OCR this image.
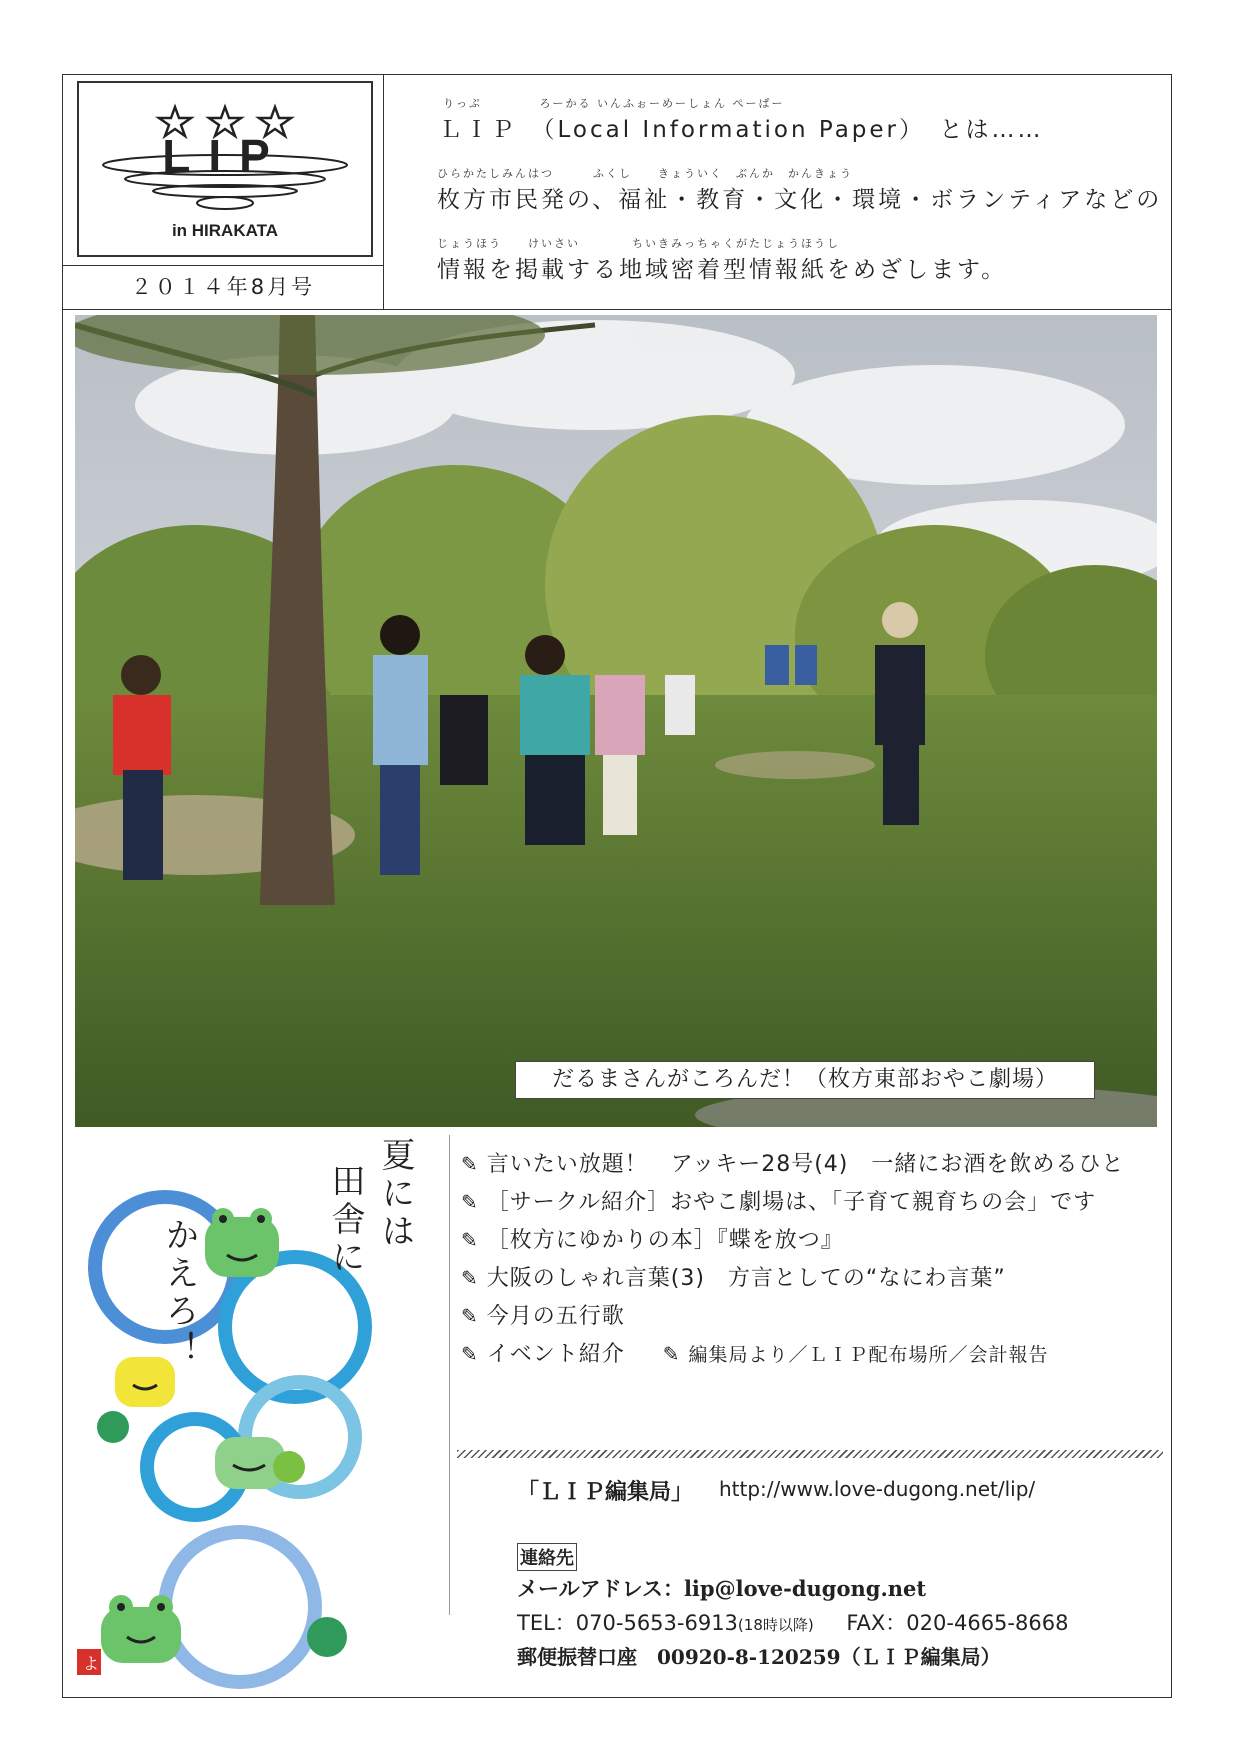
LIP
in HIRAKATA
２０１４年8月号
りっぷ　　　　 ろーかる いんふぉーめーしょん ぺーぱー
ＬＩＰ　（Local Information Paper）　とは……
ひらかたしみんはつ　　　ふくし　　きょういく　ぶんか　かんきょう
枚方市民発の、福祉・教育・文化・環境・ボランティアなどの
じょうほう　　けいさい　　　　ちいきみっちゃくがたじょうほうし
情報を掲載する地域密着型情報紙をめざします。
だるまさんがころんだ！（枚方東部おやこ劇場）
夏には
田舎に
かえろ！
よ
✎ 言いたい放題！　アッキー28号(4)　一緒にお酒を飲めるひと
✎ ［サークル紹介］おやこ劇場は、「子育て親育ちの会」です
✎ ［枚方にゆかりの本］『蝶を放つ』
✎ 大阪のしゃれ言葉(3)　方言としての“なにわ言葉”
✎ 今月の五行歌
✎ イベント紹介 ✎ 編集局より／ＬＩＰ配布場所／会計報告
「ＬＩＰ編集局」 http://www.love-dugong.net/lip/
連絡先
メールアドレス：lip@love-dugong.net
TEL：070-5653-6913(18時以降) FAX：020-4665-8668
郵便振替口座　00920-8-120259（ＬＩＰ編集局）
